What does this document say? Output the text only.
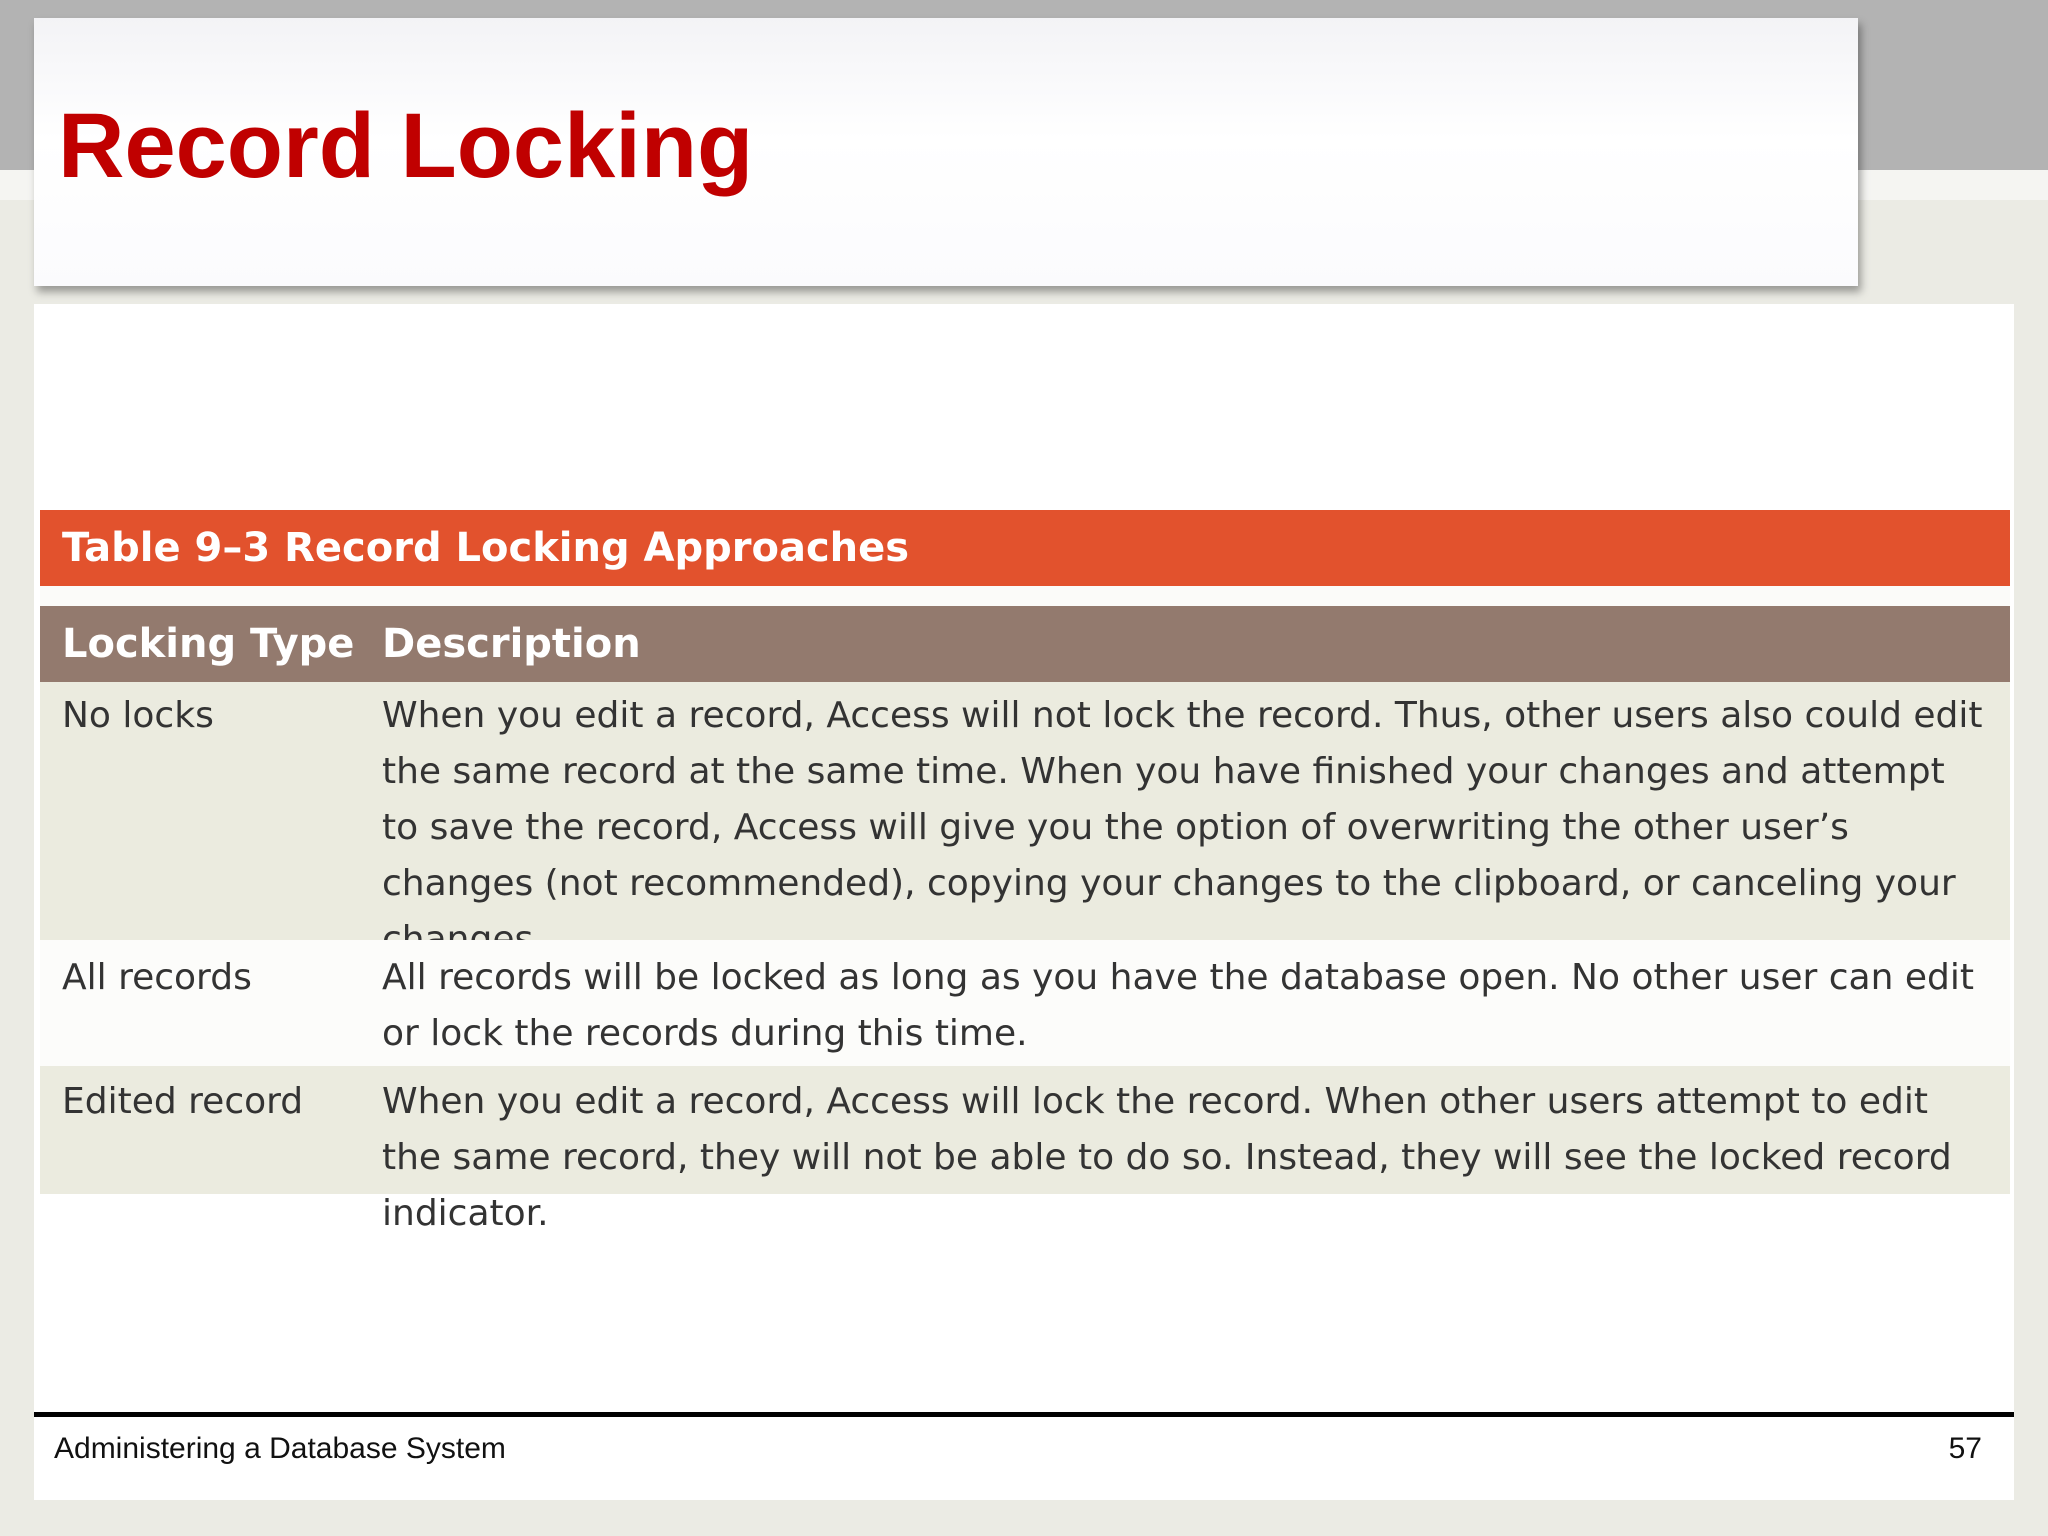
Record Locking
Table 9–3 Record Locking Approaches
Locking Type Description
No locks	When you edit a record, Access will not lock the record. Thus, other users also could edit the same record at the same time. When you have finished your changes and attempt to save the record, Access will give you the option of overwriting the other user’s changes (not recommended), copying your changes to the clipboard, or canceling your
All records	All records will be locked as long as you have the database open. No other user can edit or lock the records during this time.
Edited record	When you edit a record, Access will lock the record. When other users attempt to edit the same record, they will not be able to do so. Instead, they will see the locked record indicator.
Administering a Database System	57
